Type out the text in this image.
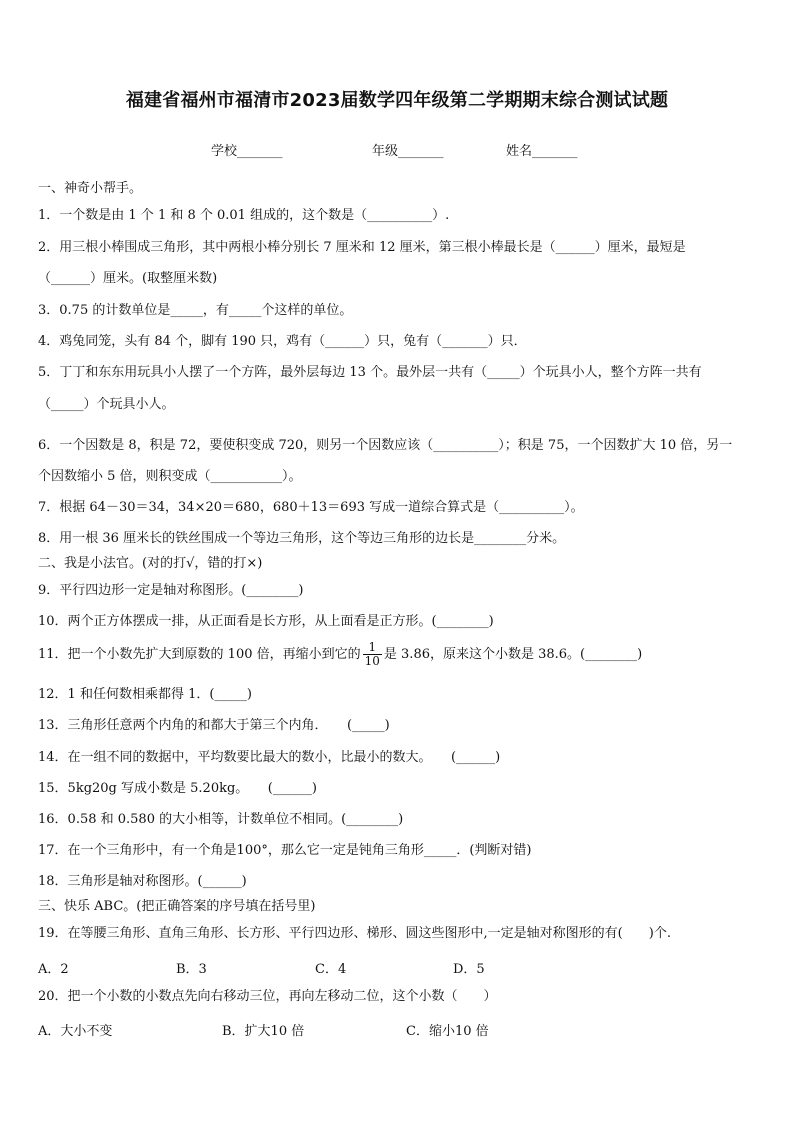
福建省福州市福清市2023届数学四年级第二学期期末综合测试试题
学校_______	年级_______	姓名_______
一、神奇小帮手。
1．一个数是由 1 个 1 和 8 个 0.01 组成的，这个数是（__________）.
2．用三根小棒围成三角形，其中两根小棒分别长 7 厘米和 12 厘米，第三根小棒最长是（______）厘米，最短是
（______）厘米。(取整厘米数)
3．0.75 的计数单位是_____，有_____个这样的单位。
4．鸡兔同笼，头有 84 个，脚有 190 只，鸡有（______）只，兔有（_______）只．
5．丁丁和东东用玩具小人摆了一个方阵，最外层每边 13 个。最外层一共有（_____）个玩具小人，整个方阵一共有
（_____）个玩具小人。
6．一个因数是 8，积是 72，要使积变成 720，则另一个因数应该（__________）；积是 75，一个因数扩大 10 倍，另一
个因数缩小 5 倍，则积变成（___________）。
7．根据 64－30＝34，34×20＝680，680＋13＝693 写成一道综合算式是（__________）。
8．用一根 36 厘米长的铁丝围成一个等边三角形，这个等边三角形的边长是________分米。
二、我是小法官。(对的打√，错的打×)
9．平行四边形一定是轴对称图形。(________)
10．两个正方体摆成一排，从正面看是长方形，从上面看是正方形。(________)
11．把一个小数先扩大到原数的 100 倍，再缩小到它的 $\frac{1}{10}$ 是 3.86，原来这个小数是 38.6。(________)
12．1 和任何数相乘都得 1．(_____)
13．三角形任意两个内角的和都大于第三个内角．　　(_____)
14．在一组不同的数据中，平均数要比最大的数小，比最小的数大。　　(______)
15．5kg20g 写成小数是 5.20kg。　　(______)
16．0.58 和 0.580 的大小相等，计数单位不相同。(________)
17．在一个三角形中，有一个角是100°，那么它一定是钝角三角形_____．(判断对错)
18．三角形是轴对称图形。(______)
三、快乐 ABC。(把正确答案的序号填在括号里)
19．在等腰三角形、直角三角形、长方形、平行四边形、梯形、圆这些图形中,一定是轴对称图形的有(　　)个.
A．2	B．3	C．4	D．5
20．把一个小数的小数点先向右移动三位，再向左移动二位，这个小数（　　）
A．大小不变	B．扩大10 倍	C．缩小10 倍
